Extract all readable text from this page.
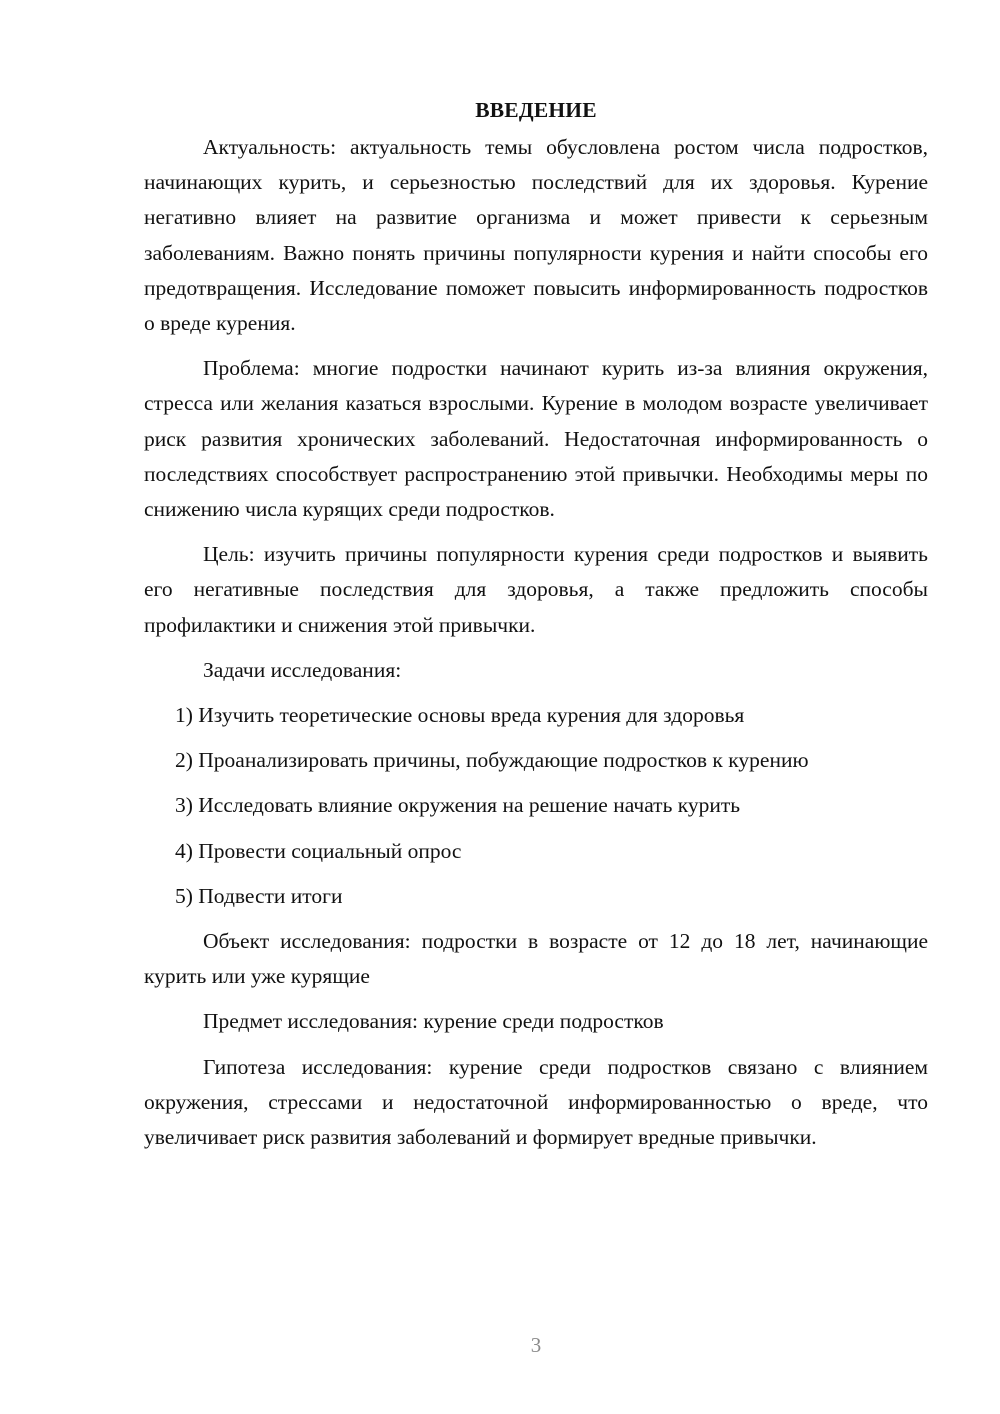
ВВЕДЕНИЕ

Актуальность: актуальность темы обусловлена ростом числа подростков, начинающих курить, и серьезностью последствий для их здоровья. Курение негативно влияет на развитие организма и может привести к серьезным заболеваниям. Важно понять причины популярности курения и найти способы его предотвращения. Исследование поможет повысить информированность подростков о вреде курения.

Проблема: многие подростки начинают курить из-за влияния окружения, стресса или желания казаться взрослыми. Курение в молодом возрасте увеличивает риск развития хронических заболеваний. Недостаточная информированность о последствиях способствует распространению этой привычки. Необходимы меры по снижению числа курящих среди подростков.

Цель: изучить причины популярности курения среди подростков и выявить его негативные последствия для здоровья, а также предложить способы профилактики и снижения этой привычки.

Задачи исследования:

1) Изучить теоретические основы вреда курения для здоровья
2) Проанализировать причины, побуждающие подростков к курению
3) Исследовать влияние окружения на решение начать курить
4) Провести социальный опрос
5) Подвести итоги

Объект исследования: подростки в возрасте от 12 до 18 лет, начинающие курить или уже курящие

Предмет исследования: курение среди подростков

Гипотеза исследования: курение среди подростков связано с влиянием окружения, стрессами и недостаточной информированностью о вреде, что увеличивает риск развития заболеваний и формирует вредные привычки.

3
